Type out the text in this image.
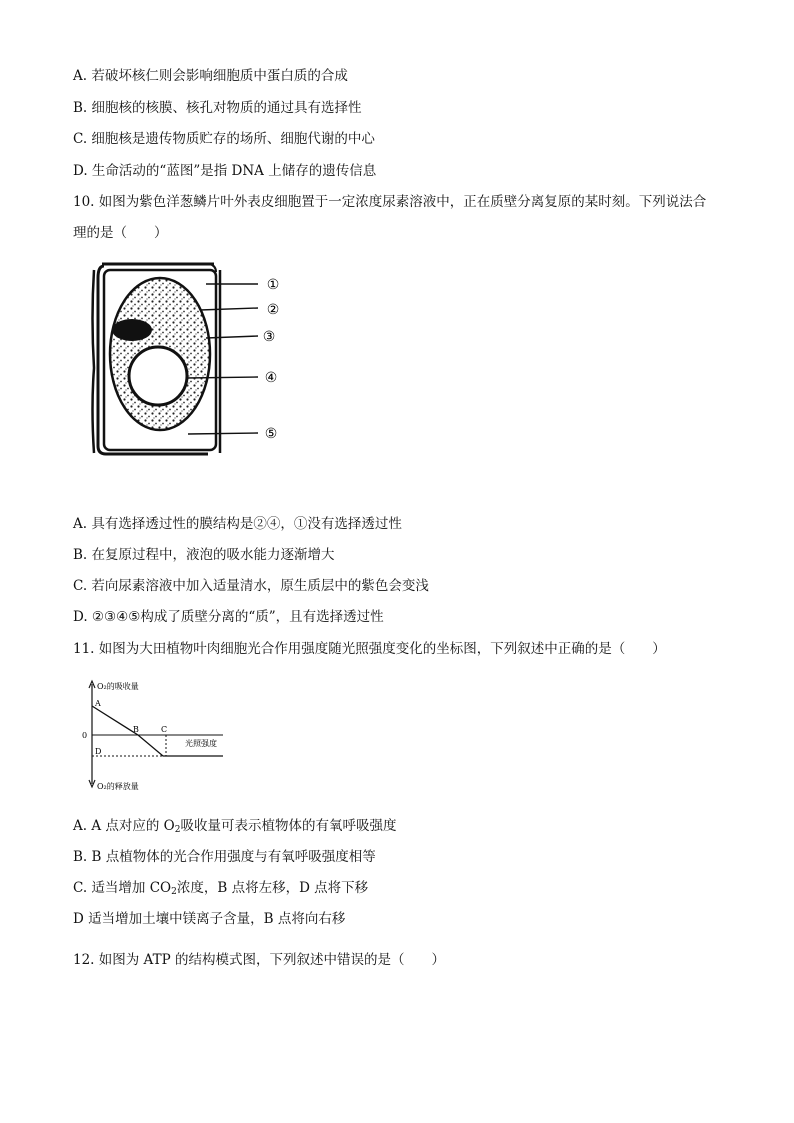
A. 若破坏核仁则会影响细胞质中蛋白质的合成
B. 细胞核的核膜、核孔对物质的通过具有选择性
C. 细胞核是遗传物质贮存的场所、细胞代谢的中心
D. 生命活动的“蓝图”是指 DNA 上储存的遗传信息
10. 如图为紫色洋葱鳞片叶外表皮细胞置于一定浓度尿素溶液中，正在质壁分离复原的某时刻。下列说法合
理的是（　　）
①
②
③
④
⑤
A. 具有选择透过性的膜结构是②④，①没有选择透过性
B. 在复原过程中，液泡的吸水能力逐渐增大
C. 若向尿素溶液中加入适量清水，原生质层中的紫色会变浅
D. ②③④⑤构成了质壁分离的“质”，且有选择透过性
11. 如图为大田植物叶肉细胞光合作用强度随光照强度变化的坐标图，下列叙述中正确的是（　　）
O₂的吸收量
O₂的释放量
光照强度
0
A
B	C
D
A. A 点对应的 $O_2$吸收量可表示植物体的有氧呼吸强度
B. B 点植物体的光合作用强度与有氧呼吸强度相等
C. 适当增加 $CO_2$浓度，B 点将左移，D 点将下移
D 适当增加土壤中镁离子含量，B 点将向右移
12. 如图为 ATP 的结构模式图，下列叙述中错误的是（　　）
